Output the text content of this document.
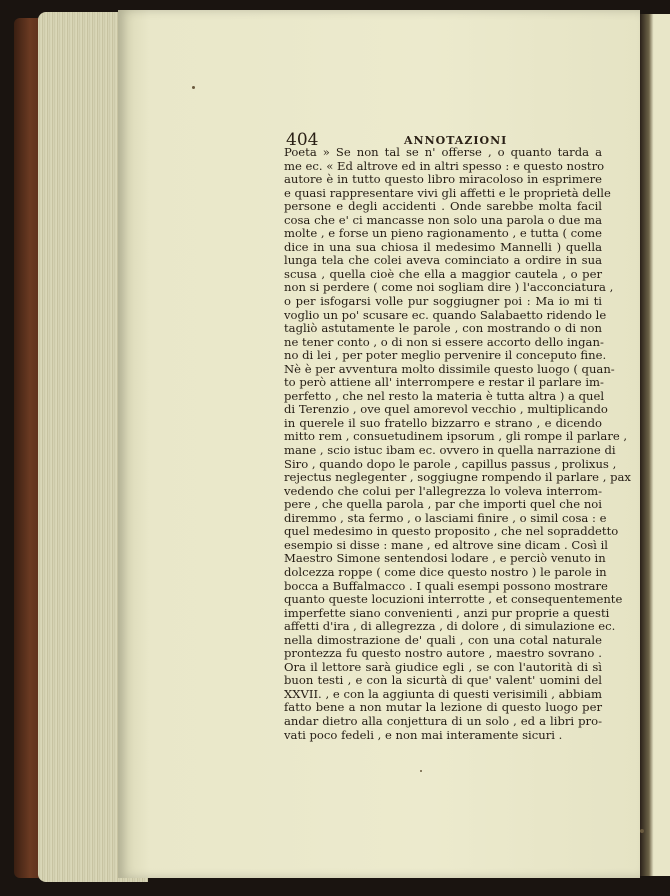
404	ANNOTAZIONI
Poeta » Se non tal se n' offerse , o quanto tarda a
me ec. « Ed altrove ed in altri spesso : e questo nostro
autore è in tutto questo libro miracoloso in esprimere
e quasi rappresentare vivi gli affetti e le proprietà delle
persone e degli accidenti . Onde sarebbe molta facil
cosa che e' ci mancasse non solo una parola o due ma
molte , e forse un pieno ragionamento , e tutta ( come
dice in una sua chiosa il medesimo Mannelli ) quella
lunga tela che colei aveva cominciato a ordire in sua
scusa , quella cioè che ella a maggior cautela , o per
non si perdere ( come noi sogliam dire ) l'acconciatura ,
o per isfogarsi volle pur soggiugner poi : Ma io mi ti
voglio un po' scusare ec. quando Salabaetto ridendo le
tagliò astutamente le parole , con mostrando o di non
ne tener conto , o di non si essere accorto dello ingan-
no di lei , per poter meglio pervenire il conceputo fine.
Nè è per avventura molto dissimile questo luogo ( quan-
to però attiene all' interrompere e restar il parlare im-
perfetto , che nel resto la materia è tutta altra ) a quel
di Terenzio , ove quel amorevol vecchio , multiplicando
in querele il suo fratello bizzarro e strano , e dicendo
mitto rem , consuetudinem ipsorum , gli rompe il parlare ,
mane , scio istuc ibam ec. ovvero in quella narrazione di
Siro , quando dopo le parole , capillus passus , prolixus ,
rejectus neglegenter , soggiugne rompendo il parlare , pax
vedendo che colui per l'allegrezza lo voleva interrom-
pere , che quella parola , par che importi quel che noi
diremmo , sta fermo , o lasciami finire , o simil cosa : e
quel medesimo in questo proposito , che nel sopraddetto
esempio si disse : mane , ed altrove sine dicam . Così il
Maestro Simone sentendosi lodare , e perciò venuto in
dolcezza roppe ( come dice questo nostro ) le parole in
bocca a Buffalmacco . I quali esempi possono mostrare
quanto queste locuzioni interrotte , et consequentemente
imperfette siano convenienti , anzi pur proprie a questi
affetti d'ira , di allegrezza , di dolore , di simulazione ec.
nella dimostrazione de' quali , con una cotal naturale
prontezza fu questo nostro autore , maestro sovrano .
Ora il lettore sarà giudice egli , se con l'autorità di sì
buon testi , e con la sicurtà di que' valent' uomini del
XXVII. , e con la aggiunta di questi verisimili , abbiam
fatto bene a non mutar la lezione di questo luogo per
andar dietro alla conjettura di un solo , ed a libri pro-
vati poco fedeli , e non mai interamente sicuri .
